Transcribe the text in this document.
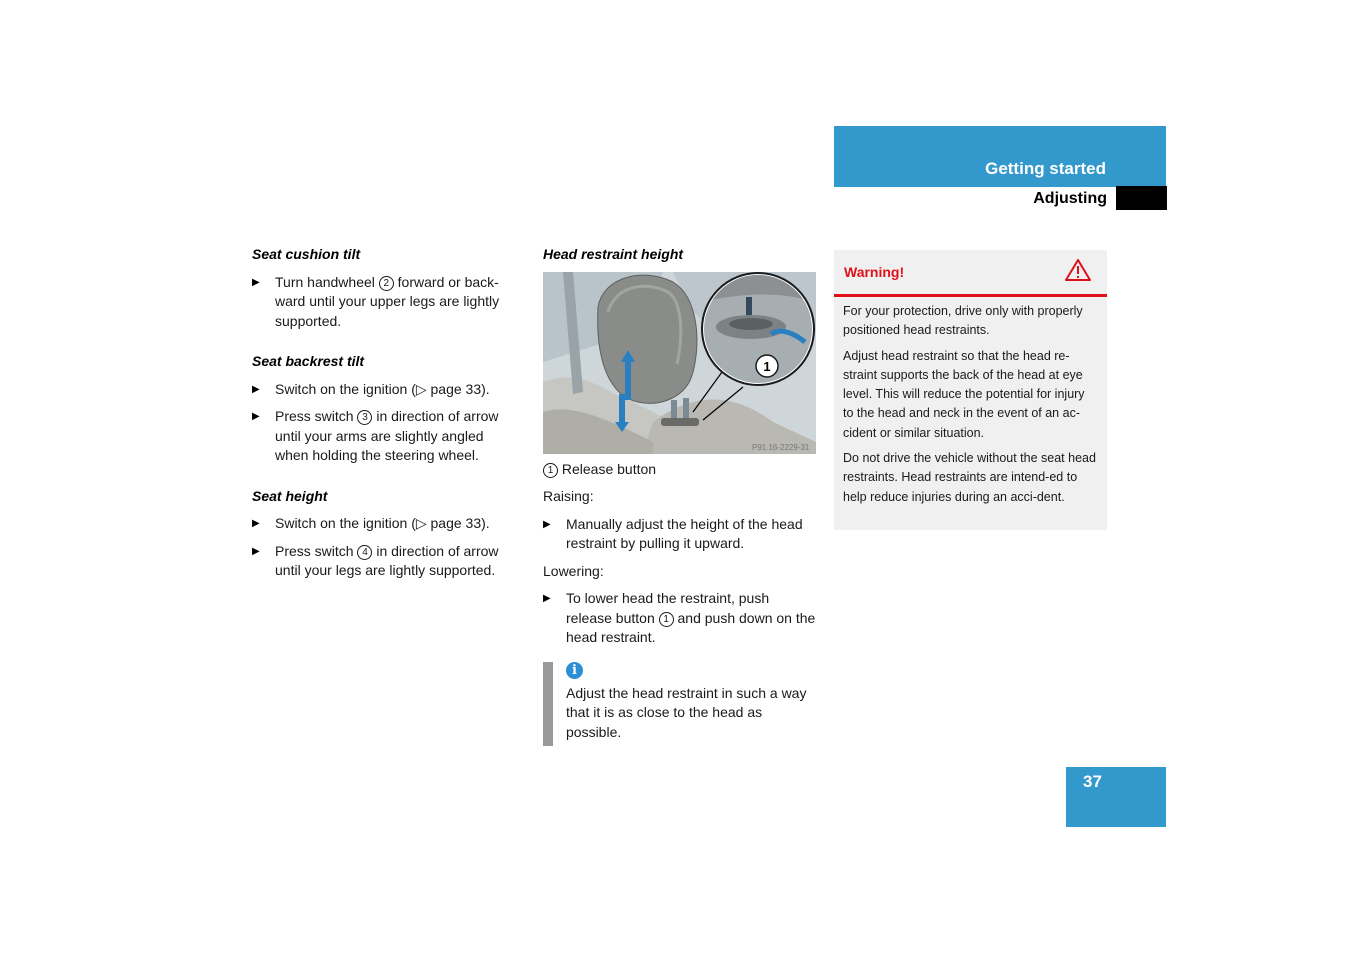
Getting started
Adjusting
Seat cushion tilt
▶ Turn handwheel 2 forward or back-ward until your upper legs are lightly supported.
Seat backrest tilt
▶ Switch on the ignition (▷ page 33).
▶ Press switch 3 in direction of arrow until your arms are slightly angled when holding the steering wheel.
Seat height
▶ Switch on the ignition (▷ page 33).
▶ Press switch 4 in direction of arrow until your legs are lightly supported.
Head restraint height
1
P91.16-2229-31
1 Release button
Raising:
▶ Manually adjust the height of the head restraint by pulling it upward.
Lowering:
▶ To lower head the restraint, push release button 1 and push down on the head restraint.
i
Adjust the head restraint in such a way that it is as close to the head as possible.
Warning!

For your protection, drive only with properly positioned head restraints.

Adjust head restraint so that the head re-straint supports the back of the head at eye level. This will reduce the potential for injury to the head and neck in the event of an ac-cident or similar situation.

Do not drive the vehicle without the seat head restraints. Head restraints are intend-ed to help reduce injuries during an acci-dent.

37
